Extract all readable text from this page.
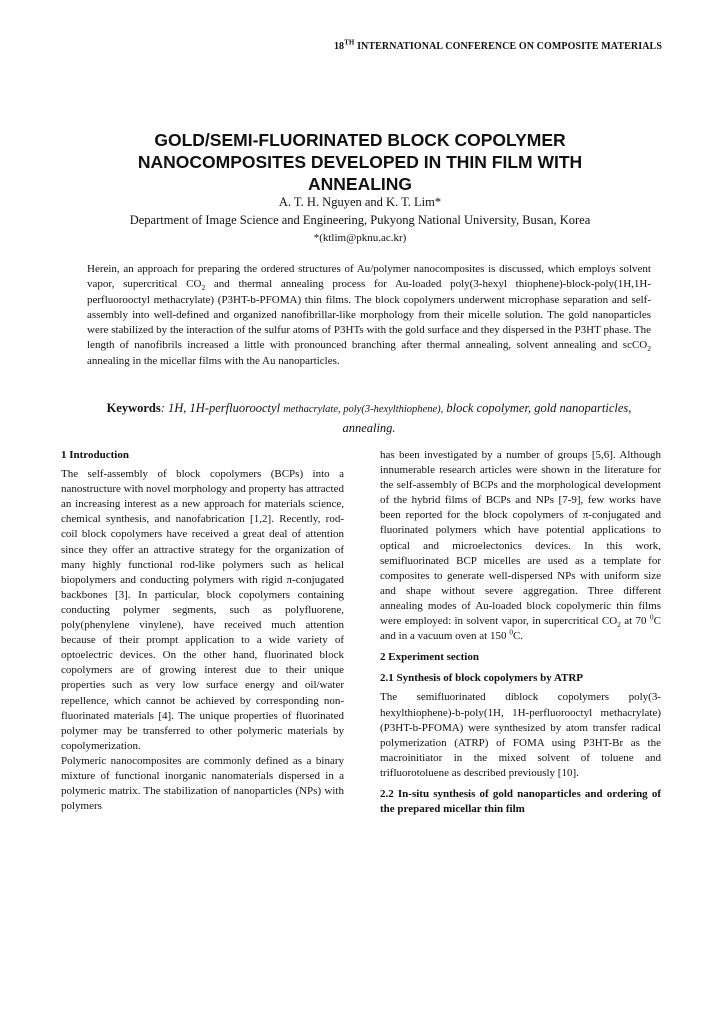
18TH INTERNATIONAL CONFERENCE ON COMPOSITE MATERIALS
GOLD/SEMI-FLUORINATED BLOCK COPOLYMER
NANOCOMPOSITES DEVELOPED IN THIN FILM WITH
ANNEALING
A. T. H. Nguyen and K. T. Lim*
Department of Image Science and Engineering, Pukyong National University, Busan, Korea
*(ktlim@pknu.ac.kr)
Herein, an approach for preparing the ordered structures of Au/polymer nanocomposites is discussed, which employs solvent vapor, supercritical $CO_2$ and thermal annealing process for Au-loaded poly(3-hexyl thiophene)-block-poly(1H,1H-perfluorooctyl methacrylate) (P3HT-b-PFOMA) thin films. The block copolymers underwent microphase separation and self-assembly into well-defined and organized nanofibrillar-like morphology from their micelle solution. The gold nanoparticles were stabilized by the interaction of the sulfur atoms of P3HTs with the gold surface and they dispersed in the P3HT phase. The length of nanofibrils increased a little with pronounced branching after thermal annealing, solvent annealing and scCO$_2$ annealing in the micellar films with the Au nanoparticles.
Keywords: 1H, 1H-perfluorooctyl methacrylate, poly(3-hexylthiophene), block copolymer, gold nanoparticles, annealing.
1 Introduction

The self-assembly of block copolymers (BCPs) into a nanostructure with novel morphology and property has attracted an increasing interest as a new approach for materials science, chemical synthesis, and nanofabrication [1,2]. Recently, rod-coil block copolymers have received a great deal of attention since they offer an attractive strategy for the organization of many highly functional rod-like polymers such as helical biopolymers and conducting polymers with rigid π-conjugated backbones [3]. In particular, block copolymers containing conducting polymer segments, such as polyfluorene, poly(phenylene vinylene), have received much attention because of their prompt application to a wide variety of optoelectric devices. On the other hand, fluorinated block copolymers are of growing interest due to their unique properties such as very low surface energy and oil/water repellence, which cannot be achieved by corresponding non-fluorinated materials [4]. The unique properties of fluorinated polymer may be transferred to other polymeric materials by copolymerization.

Polymeric nanocomposites are commonly defined as a binary mixture of functional inorganic nanomaterials dispersed in a polymeric matrix. The stabilization of nanoparticles (NPs) with polymers

has been investigated by a number of groups [5,6]. Although innumerable research articles were shown in the literature for the self-assembly of BCPs and the morphological development of the hybrid films of BCPs and NPs [7-9], few works have been reported for the block copolymers of π-conjugated and fluorinated polymers which have potential applications to optical and microelectonics devices. In this work, semifluorinated BCP micelles are used as a template for composites to generate well-dispersed NPs with uniform size and shape without severe aggregation. Three different annealing modes of Au-loaded block copolymeric thin films were employed: in solvent vapor, in supercritical $CO_2$ at 70 $^0$C and in a vacuum oven at 150 $^0$C.

2 Experiment section
2.1 Synthesis of block copolymers by ATRP

The semifluorinated diblock copolymers poly(3-hexylthiophene)-b-poly(1H, 1H-perfluorooctyl methacrylate) (P3HT-b-PFOMA) were synthesized by atom transfer radical polymerization (ATRP) of FOMA using P3HT-Br as the macroinitiator in the mixed solvent of toluene and trifluorotoluene as described previously [10].

2.2 In-situ synthesis of gold nanoparticles and ordering of the prepared micellar thin film
